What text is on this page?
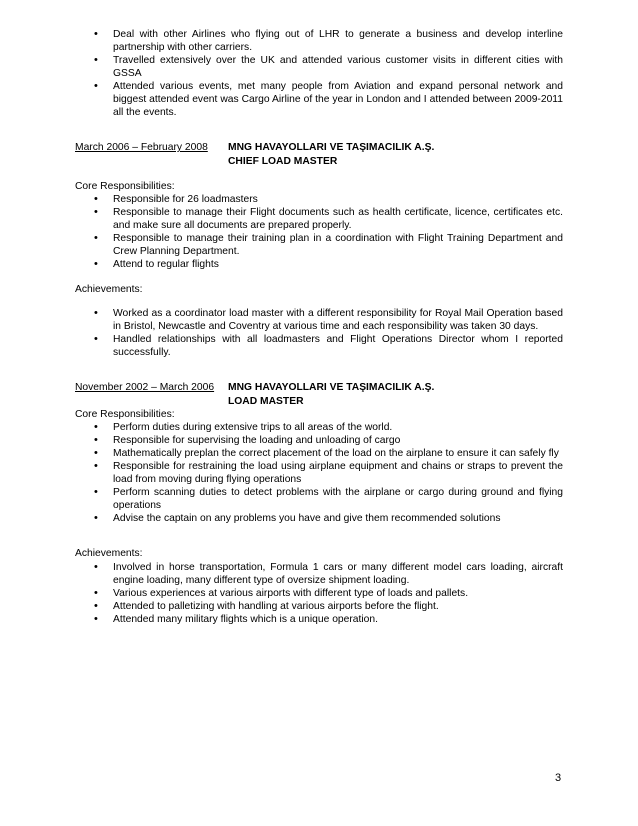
• Deal with other Airlines who flying out of LHR to generate a business and develop interline partnership with other carriers.
• Travelled extensively over the UK and attended various customer visits in different cities with GSSA
• Attended various events, met many people from Aviation and expand personal network and biggest attended event was Cargo Airline of the year in London and I attended between 2009-2011 all the events.
March 2006 – February 2008 MNG HAVAYOLLARI VE TAŞIMACILIK A.Ş.
CHIEF LOAD MASTER
Core Responsibilities:
• Responsible for 26 loadmasters
• Responsible to manage their Flight documents such as health certificate, licence, certificates etc. and make sure all documents are prepared properly.
• Responsible to manage their training plan in a coordination with Flight Training Department and Crew Planning Department.
• Attend to regular flights
Achievements:
• Worked as a coordinator load master with a different responsibility for Royal Mail Operation based in Bristol, Newcastle and Coventry at various time and each responsibility was taken 30 days.
• Handled relationships with all loadmasters and Flight Operations Director whom I reported successfully.
November 2002 – March 2006 MNG HAVAYOLLARI VE TAŞIMACILIK A.Ş.
LOAD MASTER
Core Responsibilities:
• Perform duties during extensive trips to all areas of the world.
• Responsible for supervising the loading and unloading of cargo
• Mathematically preplan the correct placement of the load on the airplane to ensure it can safely fly
• Responsible for restraining the load using airplane equipment and chains or straps to prevent the load from moving during flying operations
• Perform scanning duties to detect problems with the airplane or cargo during ground and flying operations
• Advise the captain on any problems you have and give them recommended solutions
Achievements:
• Involved in horse transportation, Formula 1 cars or many different model cars loading, aircraft engine loading, many different type of oversize shipment loading.
• Various experiences at various airports with different type of loads and pallets.
• Attended to palletizing with handling at various airports before the flight.
• Attended many military flights which is a unique operation.
3
